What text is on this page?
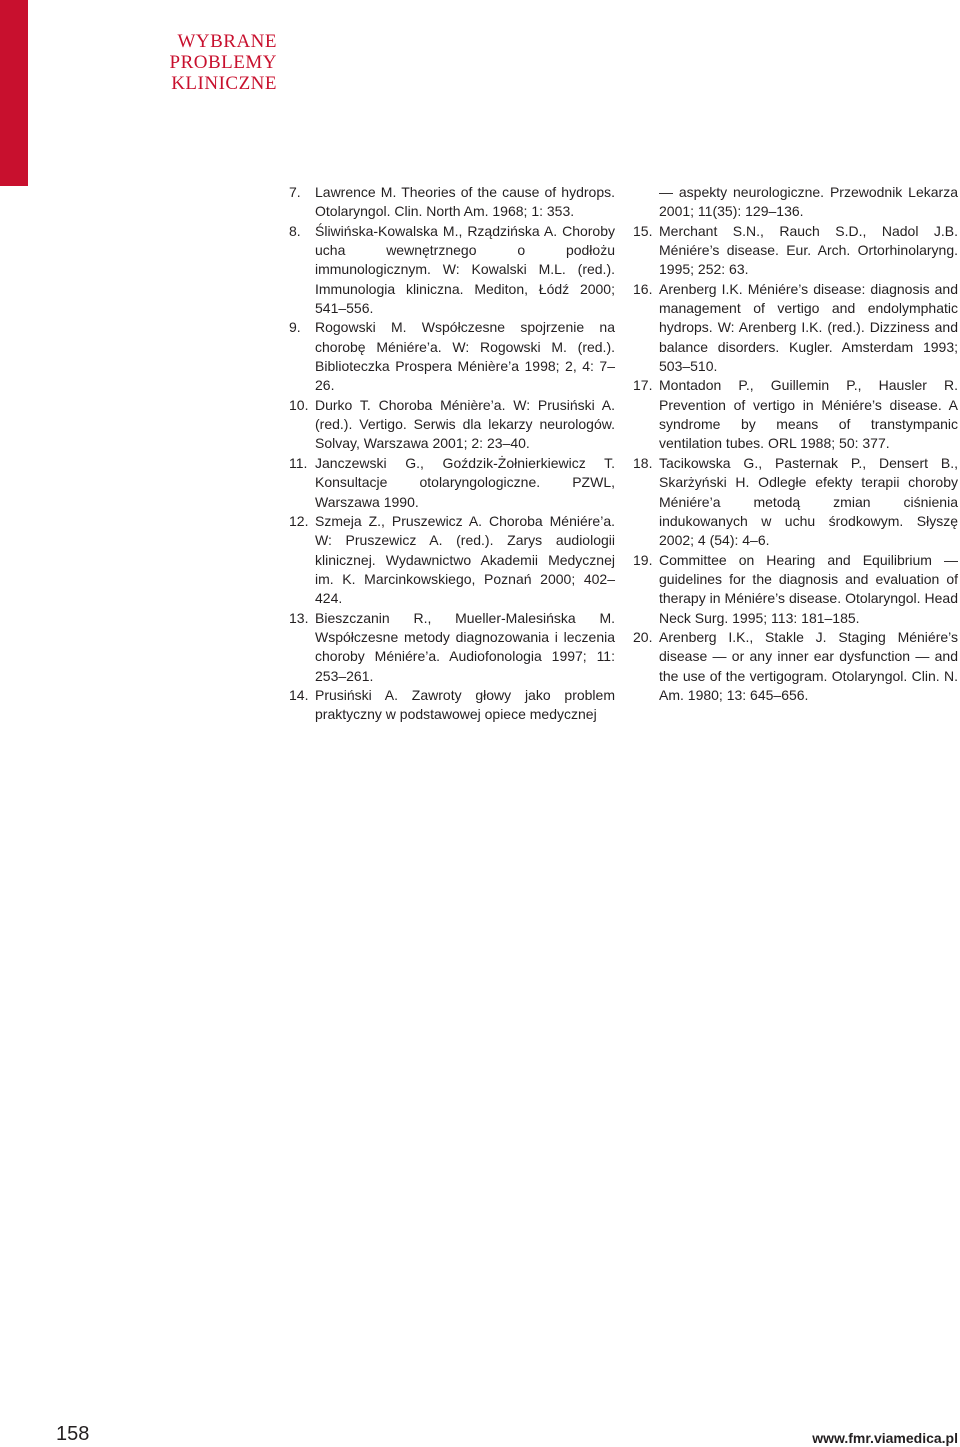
WYBRANE
PROBLEMY
KLINICZNE
7.	Lawrence M. Theories of the cause of hydrops. Otolaryngol. Clin. North Am. 1968; 1: 353.
8.	Śliwińska-Kowalska M., Rządzińska A. Choroby ucha wewnętrznego o podłożu immunologicznym. W: Kowalski M.L. (red.). Immunologia kliniczna. Mediton, Łódź 2000; 541–556.
9.	Rogowski M. Współczesne spojrzenie na chorobę Méniére’a. W: Rogowski M. (red.). Biblioteczka Prospera Ménière’a 1998; 2, 4: 7–26.
10. Durko T. Choroba Ménière’a. W: Prusiński A. (red.). Vertigo. Serwis dla lekarzy neurologów. Solvay, Warszawa 2001; 2: 23–40.
11. Janczewski G., Goździk-Żołnierkiewicz T. Konsultacje otolaryngologiczne. PZWL, Warszawa 1990.
12. Szmeja Z., Pruszewicz A. Choroba Méniére’a. W: Pruszewicz A. (red.). Zarys audiologii klinicznej. Wydawnictwo Akademii Medycznej im. K. Marcinkowskiego, Poznań 2000; 402–424.
13. Bieszczanin R., Mueller-Malesińska M. Współczesne metody diagnozowania i leczenia choroby Méniére’a. Audiofonologia 1997; 11: 253–261.
14. Prusiński A. Zawroty głowy jako problem praktyczny w podstawowej opiece medycznej
— aspekty neurologiczne. Przewodnik Lekarza 2001; 11(35): 129–136.
15. Merchant S.N., Rauch S.D., Nadol J.B. Méniére’s disease. Eur. Arch. Ortorhinolaryng. 1995; 252: 63.
16. Arenberg I.K. Méniére’s disease: diagnosis and management of vertigo and endolymphatic hydrops. W: Arenberg I.K. (red.). Dizziness and balance disorders. Kugler. Amsterdam 1993; 503–510.
17. Montadon P., Guillemin P., Hausler R. Prevention of vertigo in Méniére’s disease. A syndrome by means of transtympanic ventilation tubes. ORL 1988; 50: 377.
18. Tacikowska G., Pasternak P., Densert B., Skarżyński H. Odległe efekty terapii choroby Méniére’a metodą zmian ciśnienia indukowanych w uchu środkowym. Słyszę 2002; 4 (54): 4–6.
19. Committee on Hearing and Equilibrium — guidelines for the diagnosis and evaluation of therapy in Méniére’s disease. Otolaryngol. Head Neck Surg. 1995; 113: 181–185.
20. Arenberg I.K., Stakle J. Staging Méniére’s disease — or any inner ear dysfunction — and the use of the vertigogram. Otolaryngol. Clin. N. Am. 1980; 13: 645–656.
158	www.fmr.viamedica.pl
